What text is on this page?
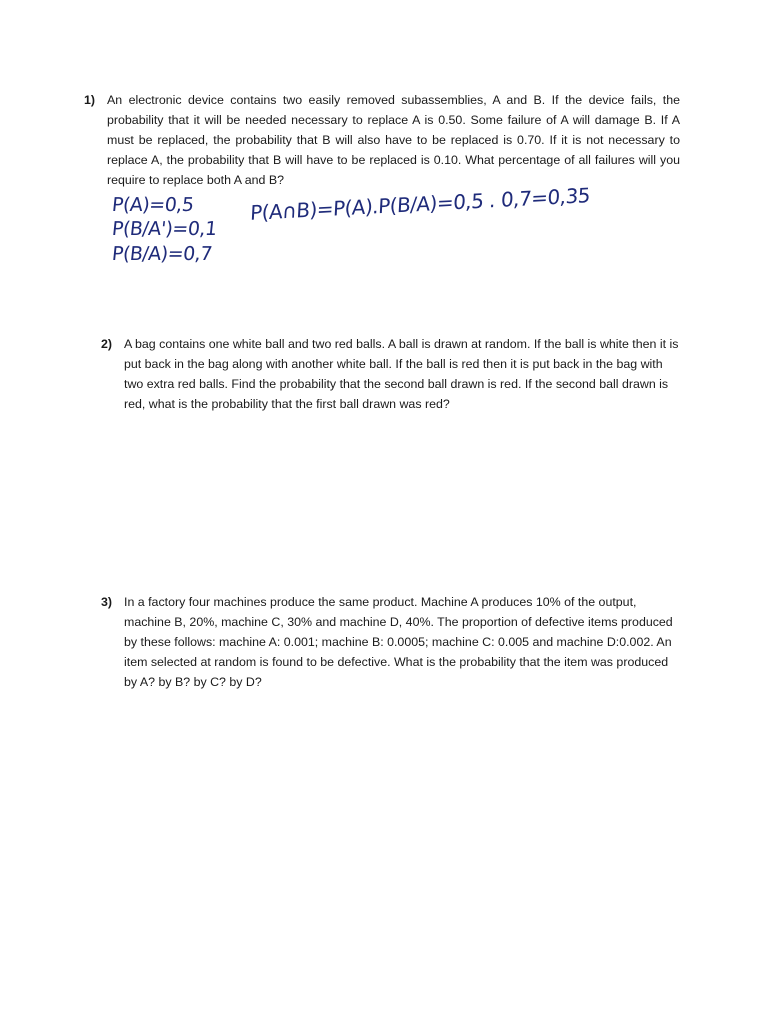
1) An electronic device contains two easily removed subassemblies, A and B. If the device fails, the probability that it will be needed necessary to replace A is 0.50. Some failure of A will damage B. If A must be replaced, the probability that B will also have to be replaced is 0.70. If it is not necessary to replace A, the probability that B will have to be replaced is 0.10. What percentage of all failures will you require to replace both A and B?
P(A)=0,5
P(B/A')=0,1
P(B/A)=0,7
P(A∩B)=P(A).P(B/A)=0,5 . 0,7=0,35
2) A bag contains one white ball and two red balls. A ball is drawn at random. If the ball is white then it is put back in the bag along with another white ball. If the ball is red then it is put back in the bag with two extra red balls. Find the probability that the second ball drawn is red. If the second ball drawn is red, what is the probability that the first ball drawn was red?
3) In a factory four machines produce the same product. Machine A produces 10% of the output, machine B, 20%, machine C, 30% and machine D, 40%. The proportion of defective items produced by these follows: machine A: 0.001; machine B: 0.0005; machine C: 0.005 and machine D:0.002. An item selected at random is found to be defective. What is the probability that the item was produced by A? by B? by C? by D?
